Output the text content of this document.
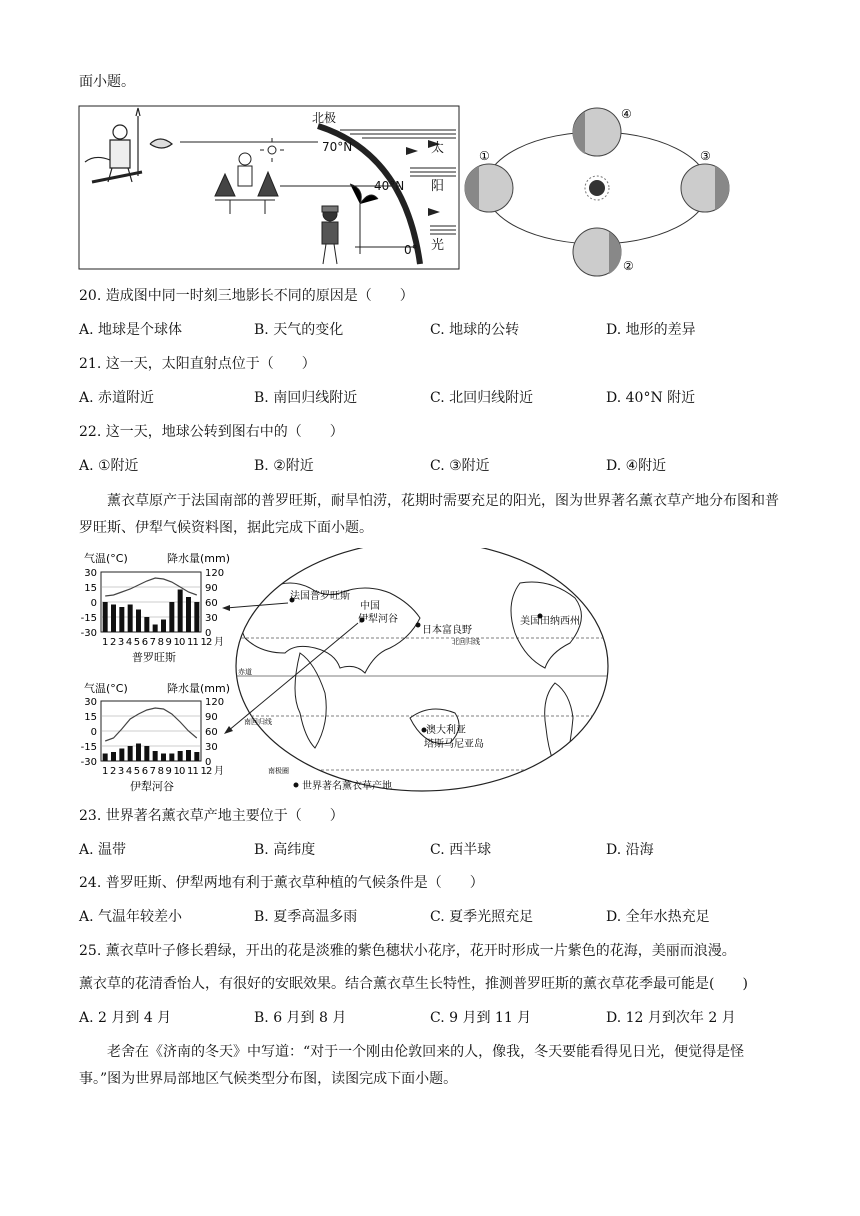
面小题。
北极
70°N
40°N
0°
太
阳
光
①
②
③
④
20. 造成图中同一时刻三地影长不同的原因是（　　）
A. 地球是个球体	B. 天气的变化	C. 地球的公转	D. 地形的差异
21. 这一天，太阳直射点位于（　　）
A. 赤道附近	B. 南回归线附近	C. 北回归线附近	D. 40°N 附近
22. 这一天，地球公转到图右中的（　　）
A. ①附近	B. ②附近	C. ③附近	D. ④附近

　　薰衣草原产于法国南部的普罗旺斯，耐旱怕涝，花期时需要充足的阳光，图为世界著名薰衣草产地分布图和普罗旺斯、伊犁气候资料图，据此完成下面小题。

气温(°C)	降水量(mm)
30
15
0
-15
-30
120
90
60
30
0
1 2 3 4 5 6 7 8 9 10 11 12 月
普罗旺斯
气温(°C)	降水量(mm)
30
15
0
-15
-30
120
90
60
30
0
1 2 3 4 5 6 7 8 9 10 11 12 月
伊犁河谷
法国普罗旺斯
中国
伊犁河谷
日本富良野
美国田纳西州
澳大利亚
塔斯马尼亚岛
北回归线
赤道
南回归线
南极圈
世界著名薰衣草产地
23. 世界著名薰衣草产地主要位于（　　）
A. 温带	B. 高纬度	C. 西半球	D. 沿海
24. 普罗旺斯、伊犁两地有利于薰衣草种植的气候条件是（　　）
A. 气温年较差小	B. 夏季高温多雨	C. 夏季光照充足	D. 全年水热充足
25. 薰衣草叶子修长碧绿，开出的花是淡雅的紫色穗状小花序，花开时形成一片紫色的花海，美丽而浪漫。
薰衣草的花清香怡人，有很好的安眠效果。结合薰衣草生长特性，推测普罗旺斯的薰衣草花季最可能是(　　)
A. 2 月到 4 月	B. 6 月到 8 月	C. 9 月到 11 月	D. 12 月到次年 2 月

　　老舍在《济南的冬天》中写道：“对于一个刚由伦敦回来的人，像我，冬天要能看得见日光，便觉得是怪事。”图为世界局部地区气候类型分布图，读图完成下面小题。
